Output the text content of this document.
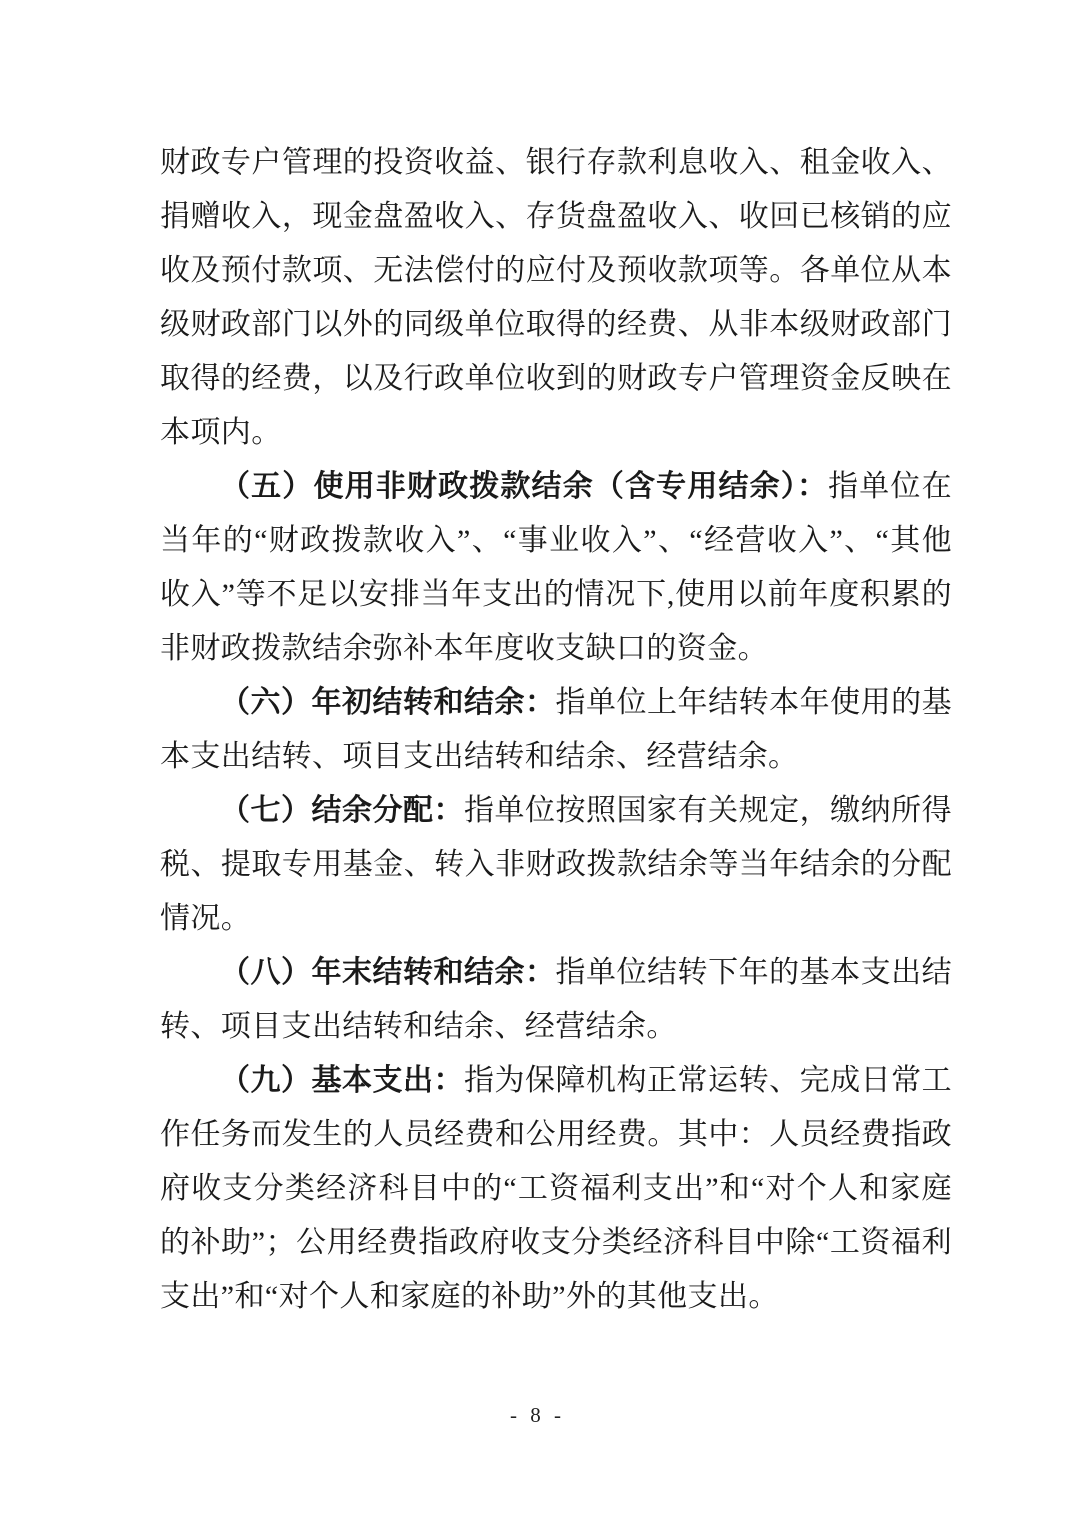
财政专户管理的投资收益、银行存款利息收入、租金收入、捐赠收入，现金盘盈收入、存货盘盈收入、收回已核销的应收及预付款项、无法偿付的应付及预收款项等。各单位从本级财政部门以外的同级单位取得的经费、从非本级财政部门取得的经费，以及行政单位收到的财政专户管理资金反映在本项内。

（五）使用非财政拨款结余（含专用结余）：指单位在当年的“财政拨款收入”、“事业收入”、“经营收入”、“其他收入”等不足以安排当年支出的情况下,使用以前年度积累的非财政拨款结余弥补本年度收支缺口的资金。

（六）年初结转和结余：指单位上年结转本年使用的基本支出结转、项目支出结转和结余、经营结余。

（七）结余分配：指单位按照国家有关规定，缴纳所得税、提取专用基金、转入非财政拨款结余等当年结余的分配情况。

（八）年末结转和结余：指单位结转下年的基本支出结转、项目支出结转和结余、经营结余。

（九）基本支出：指为保障机构正常运转、完成日常工作任务而发生的人员经费和公用经费。其中：人员经费指政府收支分类经济科目中的“工资福利支出”和“对个人和家庭的补助”；公用经费指政府收支分类经济科目中除“工资福利支出”和“对个人和家庭的补助”外的其他支出。

- 8 -
